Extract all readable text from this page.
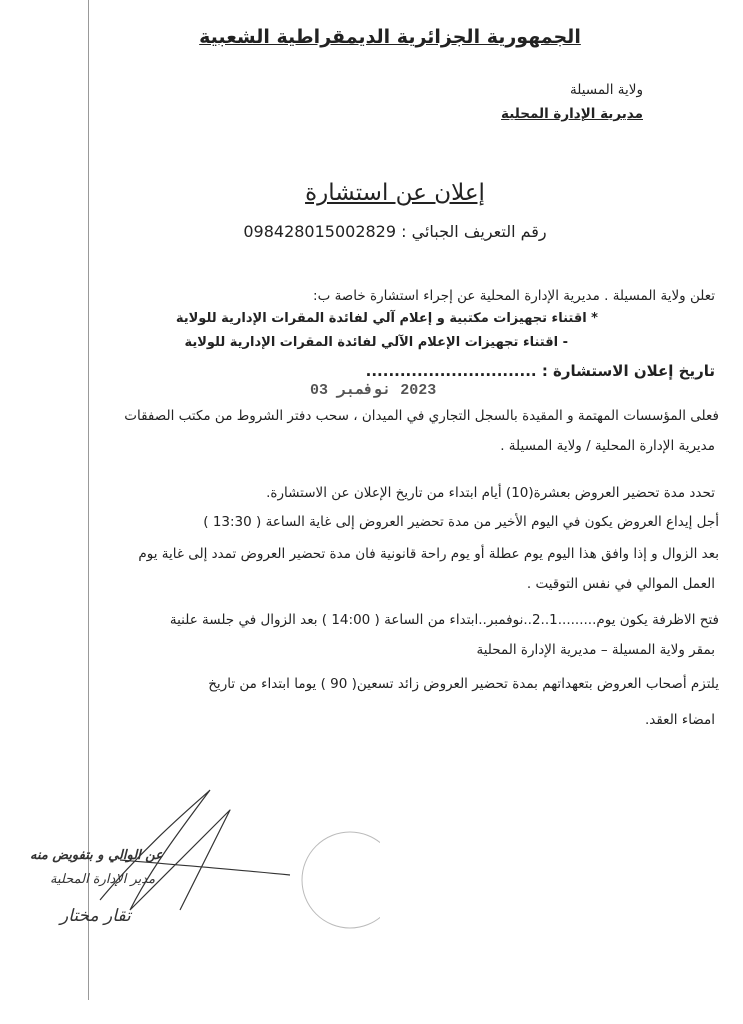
الجمهورية الجزائرية الديمقراطية الشعبية
ولاية المسيلة
مديرية الإدارة المحلية
إعلان عن استشارة
رقم التعريف الجبائي : 098428015002829
تعلن ولاية المسيلة . مديرية الإدارة المحلية عن إجراء استشارة خاصة ب:
* اقتناء تجهيزات مكتبية و إعلام آلي لفائدة المقرات الإدارية للولاية
- اقتناء تجهيزات الإعلام الآلي لفائدة المقرات الإدارية للولاية
تاريخ إعلان الاستشارة : ..............................
2023 نوفمبر 03
فعلى المؤسسات المهتمة و المقيدة بالسجل التجاري في الميدان ، سحب دفتر الشروط من مكتب الصفقات
مديرية الإدارة المحلية / ولاية المسيلة .
تحدد مدة تحضير العروض بعشرة(10) أيام ابتداء من تاريخ الإعلان عن الاستشارة.
أجل إيداع العروض يكون في اليوم الأخير من مدة تحضير العروض إلى غاية الساعة ( 13:30 )
بعد الزوال و إذا وافق هذا اليوم يوم عطلة أو يوم راحة قانونية فان مدة تحضير العروض تمدد إلى غاية يوم
العمل الموالي في نفس التوقيت .
فتح الاظرفة يكون يوم.........1..2..نوفمبر..ابتداء من الساعة ( 14:00 ) بعد الزوال في جلسة علنية
بمقر ولاية المسيلة – مديرية الإدارة المحلية
يلتزم أصحاب العروض بتعهداتهم بمدة تحضير العروض زائد تسعين( 90 ) يوما ابتداء من تاريخ
امضاء العقد.
عن الوالي و بتفويض منه
مدير الإدارة المحلية
تقار مختار
